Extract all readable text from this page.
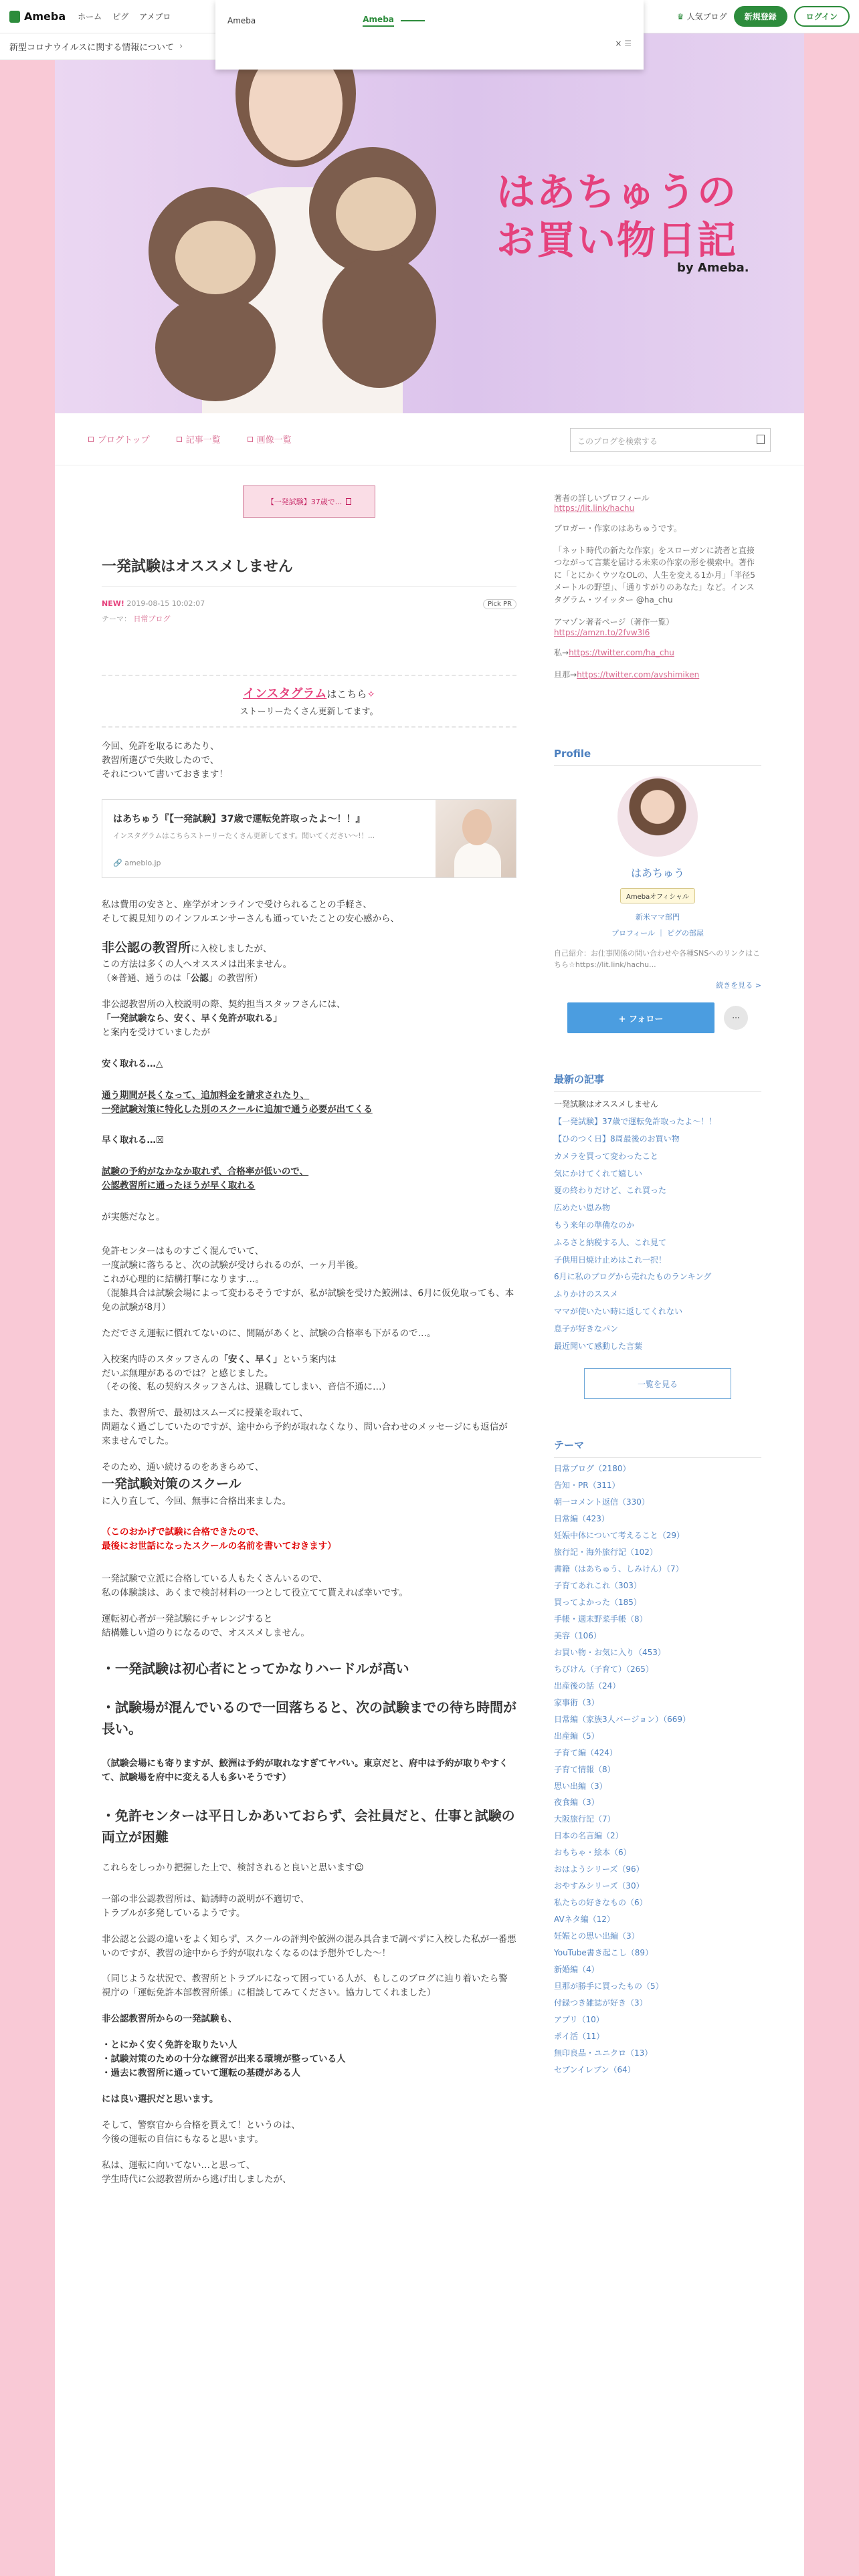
Ameba ホーム ピグ アメブロ	♛ 人気ブログ	新規登録	ログイン
はあちゅうの
お買い物日記
by Ameba.
新型コロナウイルスに関する情報について ›
Ameba	Ameba
× ☰
ブログトップ	記事一覧	画像一覧	このブログを検索する
【一発試験】37歳で...
一発試験はオススメしません
NEW! 2019-08-15 10:02:07	Pick PR
テーマ： 日常ブログ
インスタグラムはこちら✧
ストーリーたくさん更新してます。
今回、免許を取るにあたり、
教習所選びで失敗したので、
それについて書いておきます！
はあちゅう『【一発試験】37歳で運転免許取ったよ〜！！』
インスタグラムはこちらストーリーたくさん更新してます。聞いてください〜!！...
🔗 ameblo.jp
私は費用の安さと、座学がオンラインで受けられることの手軽さ、
そして親見知りのインフルエンサーさんも通っていたことの安心感から、
非公認の教習所に入校しましたが、
この方法は多くの人へオススメは出来ません。
（※普通、通うのは「公認」の教習所）
非公認教習所の入校説明の際、契約担当スタッフさんには、
「一発試験なら、安く、早く免許が取れる」
と案内を受けていましたが
安く取れる…△
通う期間が長くなって、追加料金を請求されたり、
一発試験対策に特化した別のスクールに追加で通う必要が出てくる
早く取れる…☒
試験の予約がなかなか取れず、合格率が低いので、
公認教習所に通ったほうが早く取れる
が実態だなと。
免許センターはものすごく混んでいて、
一度試験に落ちると、次の試験が受けられるのが、一ヶ月半後。
これが心理的に結構打撃になります…。
（混雑具合は試験会場によって変わるそうですが、私が試験を受けた鮫洲は、6月に仮免取っても、本免の試験が8月）
ただでさえ運転に慣れてないのに、間隔があくと、試験の合格率も下がるので…。
入校案内時のスタッフさんの「安く、早く」という案内は
だいぶ無理があるのでは？と感じました。
（その後、私の契約スタッフさんは、退職してしまい、音信不通に…）
また、教習所で、最初はスムーズに授業を取れて、
問題なく過ごしていたのですが、途中から予約が取れなくなり、問い合わせのメッセージにも返信が来ませんでした。
そのため、通い続けるのをあきらめて、
一発試験対策のスクール
に入り直して、今回、無事に合格出来ました。
（このおかげで試験に合格できたので、
最後にお世話になったスクールの名前を書いておきます）
一発試験で立派に合格している人もたくさんいるので、
私の体験談は、あくまで検討材料の一つとして役立てて貰えれば幸いです。
運転初心者が一発試験にチャレンジすると
結構難しい道のりになるので、オススメしません。
・一発試験は初心者にとってかなりハードルが高い
・試験場が混んでいるので一回落ちると、次の試験までの待ち時間が長い。
（試験会場にも寄りますが、鮫洲は予約が取れなすぎてヤバい。東京だと、府中は予約が取りやすくて、試験場を府中に変える人も多いそうです）
・免許センターは平日しかあいておらず、会社員だと、仕事と試験の両立が困難
これらをしっかり把握した上で、検討されると良いと思います☺
一部の非公認教習所は、勧誘時の説明が不適切で、
トラブルが多発しているようです。
非公認と公認の違いをよく知らず、スクールの評判や鮫洲の混み具合まで調べずに入校した私が一番悪いのですが、教習の途中から予約が取れなくなるのは予想外でした〜！
（同じような状況で、教習所とトラブルになって困っている人が、もしこのブログに辿り着いたら警視庁の「運転免許本部教習所係」に相談してみてください。協力してくれました）
非公認教習所からの一発試験も、
・とにかく安く免許を取りたい人
・試験対策のための十分な練習が出来る環境が整っている人
・過去に教習所に通っていて運転の基礎がある人
には良い選択だと思います。
そして、警察官から合格を貰えて！というのは、
今後の運転の自信にもなると思います。
私は、運転に向いてない…と思って、
学生時代に公認教習所から逃げ出しましたが、
著者の詳しいプロフィール
https://lit.link/hachu
ブロガー・作家のはあちゅうです。
「ネット時代の新たな作家」をスローガンに読者と直接つながって言葉を届ける未来の作家の形を模索中。著作に「とにかくウツなOLの、人生を変える1か月」「半径5メートルの野望」、「通りすがりのあなた」など。インスタグラム・ツイッター @ha_chu
アマゾン著者ページ（著作一覧）
https://amzn.to/2fvw3l6
私→https://twitter.com/ha_chu
旦那→https://twitter.com/avshimiken
Profile
はあちゅう
Amebaオフィシャル
新米ママ部門
プロフィール ｜ ピグの部屋
自己紹介：お仕事関係の問い合わせや各種SNSへのリンクはこちら☆https://lit.link/hachu...
続きを見る >
+ フォロー	···
最新の記事
一発試験はオススメしません
【一発試験】37歳で運転免許取ったよ〜！！
【ひのつく日】8周最後のお買い物
カメラを買って変わったこと
気にかけてくれて嬉しい
夏の終わりだけど、これ買った
広めたい恩み物
もう来年の準備なのか
ふるさと納税する人、これ見て
子供用日焼け止めはこれ一択！
6月に私のブログから売れたものランキング
ふりかけのススメ
ママが使いたい時に返してくれない
息子が好きなパン
最近聞いて感動した言葉
一覧を見る
テーマ
日常ブログ（2180）
告知・PR（311）
朝一コメント返信（330）
日常編（423）
妊娠中体について考えること（29）
旅行記・海外旅行記（102）
書籍（はあちゅう、しみけん）（7）
子育てあれこれ（303）
買ってよかった（185）
手帳・週末野菜手帳（8）
美容（106）
お買い物・お気に入り（453）
ちびけん（子育て）（265）
出産後の話（24）
家事術（3）
日常編（家族3人バージョン）（669）
出産編（5）
子育て編（424）
子育て情報（8）
思い出編（3）
夜食編（3）
大阪旅行記（7）
日本の名言編（2）
おもちゃ・絵本（6）
おはようシリーズ（96）
おやすみシリーズ（30）
私たちの好きなもの（6）
AVネタ編（12）
妊娠との思い出編（3）
YouTube書き起こし（89）
新婚編（4）
旦那が勝手に買ったもの（5）
付録つき雑誌が好き（3）
アプリ（10）
ポイ活（11）
無印良品・ユニクロ（13）
セブンイレブン（64）
